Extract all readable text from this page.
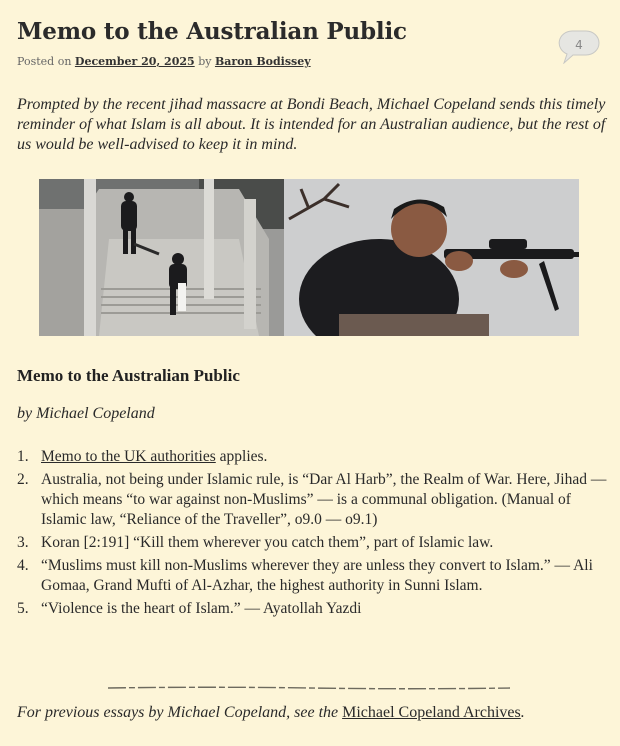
Memo to the Australian Public
Posted on December 20, 2025 by Baron Bodissey
4

Prompted by the recent jihad massacre at Bondi Beach, Michael Copeland sends this timely reminder of what Islam is all about. It is intended for an Australian audience, but the rest of us would be well-advised to keep it in mind.

Memo to the Australian Public

by Michael Copeland

1. Memo to the UK authorities applies.
2. Australia, not being under Islamic rule, is “Dar Al Harb”, the Realm of War. Here, Jihad — which means “to war against non-Muslims” — is a communal obligation. (Manual of Islamic law, “Reliance of the Traveller”, o9.0 — o9.1)
3. Koran [2:191] “Kill them wherever you catch them”, part of Islamic law.
4. “Muslims must kill non-Muslims wherever they are unless they convert to Islam.” — Ali Gomaa, Grand Mufti of Al-Azhar, the highest authority in Sunni Islam.
5. “Violence is the heart of Islam.” — Ayatollah Yazdi

For previous essays by Michael Copeland, see the Michael Copeland Archives.
